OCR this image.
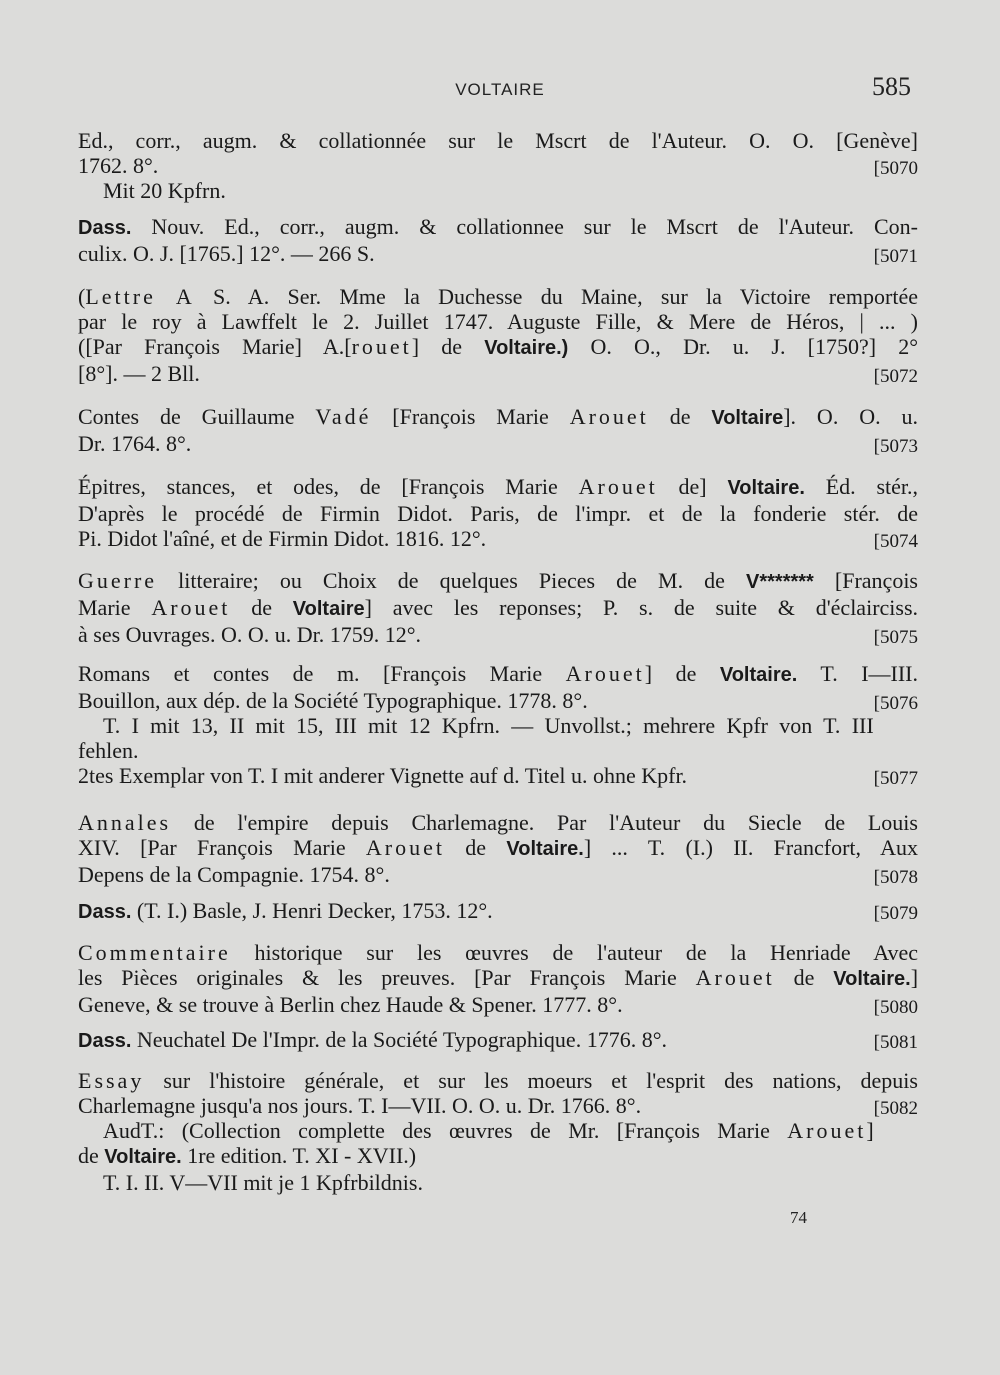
VOLTAIRE	585
Ed., corr., augm. & collationnée sur le Mscrt de l'Auteur. O. O. [Genève]
1762. 8°.	[5070
Mit 20 Kpfrn.
Dass. Nouv. Ed., corr., augm. & collationnee sur le Mscrt de l'Auteur. Con-
culix. O. J. [1765.] 12°. — 266 S.	[5071
(Lettre A S. A. Ser. Mme la Duchesse du Maine, sur la Victoire remportée
par le roy à Lawffelt le 2. Juillet 1747. Auguste Fille, & Mere de Héros, | ... )
([Par François Marie] A.[rouet] de Voltaire.) O. O., Dr. u. J. [1750?] 2°
[8°]. — 2 Bll.	[5072
Contes de Guillaume Vadé [François Marie Arouet de Voltaire]. O. O. u.
Dr. 1764. 8°.	[5073
Épitres, stances, et odes, de [François Marie Arouet de] Voltaire. Éd. stér.,
D'après le procédé de Firmin Didot. Paris, de l'impr. et de la fonderie stér. de
Pi. Didot l'aîné, et de Firmin Didot. 1816. 12°.	[5074
Guerre litteraire; ou Choix de quelques Pieces de M. de V******* [François
Marie Arouet de Voltaire] avec les reponses; P. s. de suite & d'éclairciss.
à ses Ouvrages. O. O. u. Dr. 1759. 12°.	[5075
Romans et contes de m. [François Marie Arouet] de Voltaire. T. I—III.
Bouillon, aux dép. de la Société Typographique. 1778. 8°.	[5076
T. I mit 13, II mit 15, III mit 12 Kpfrn. — Unvollst.; mehrere Kpfr von T. III
fehlen.
2tes Exemplar von T. I mit anderer Vignette auf d. Titel u. ohne Kpfr.	[5077
Annales de l'empire depuis Charlemagne. Par l'Auteur du Siecle de Louis
XIV. [Par François Marie Arouet de Voltaire.] ... T. (I.) II. Francfort, Aux
Depens de la Compagnie. 1754. 8°.	[5078
Dass. (T. I.) Basle, J. Henri Decker, 1753. 12°.	[5079
Commentaire historique sur les œuvres de l'auteur de la Henriade Avec
les Pièces originales & les preuves. [Par François Marie Arouet de Voltaire.]
Geneve, & se trouve à Berlin chez Haude & Spener. 1777. 8°.	[5080
Dass. Neuchatel De l'Impr. de la Société Typographique. 1776. 8°.	[5081
Essay sur l'histoire générale, et sur les moeurs et l'esprit des nations, depuis
Charlemagne jusqu'a nos jours. T. I—VII. O. O. u. Dr. 1766. 8°.	[5082
AudT.: (Collection complette des œuvres de Mr. [François Marie Arouet]
de Voltaire. 1re edition. T. XI - XVII.)
T. I. II. V—VII mit je 1 Kpfrbildnis.
74
